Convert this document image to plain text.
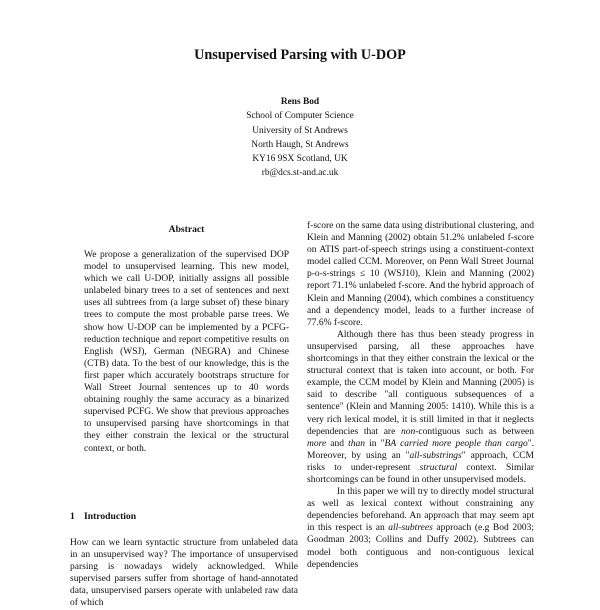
Unsupervised Parsing with U-DOP
Rens Bod
School of Computer Science
University of St Andrews
North Haugh, St Andrews
KY16 9SX Scotland, UK
rb@dcs.st-and.ac.uk
Abstract

We propose a generalization of the supervised DOP model to unsupervised learning. This new model, which we call U-DOP, initially assigns all possible unlabeled binary trees to a set of sentences and next uses all subtrees from (a large subset of) these binary trees to compute the most probable parse trees. We show how U-DOP can be implemented by a PCFG-reduction technique and report competitive results on English (WSJ), German (NEGRA) and Chinese (CTB) data. To the best of our knowledge, this is the first paper which accurately bootstraps structure for Wall Street Journal sentences up to 40 words obtaining roughly the same accuracy as a binarized supervised PCFG. We show that previous approaches to unsupervised parsing have shortcomings in that they either constrain the lexical or the structural context, or both.

1 Introduction

How can we learn syntactic structure from unlabeled data in an unsupervised way? The importance of unsupervised parsing is nowadays widely acknowledged. While supervised parsers suffer from shortage of hand-annotated data, unsupervised parsers operate with unlabeled raw data of which

f-score on the same data using distributional clustering, and Klein and Manning (2002) obtain 51.2% unlabeled f-score on ATIS part-of-speech strings using a constituent-context model called CCM. Moreover, on Penn Wall Street Journal p-o-s-strings ≤ 10 (WSJ10), Klein and Manning (2002) report 71.1% unlabeled f-score. And the hybrid approach of Klein and Manning (2004), which combines a constituency and a dependency model, leads to a further increase of 77.6% f-score.

Although there has thus been steady progress in unsupervised parsing, all these approaches have shortcomings in that they either constrain the lexical or the structural context that is taken into account, or both. For example, the CCM model by Klein and Manning (2005) is said to describe "all contiguous subsequences of a sentence" (Klein and Manning 2005: 1410). While this is a very rich lexical model, it is still limited in that it neglects dependencies that are non-contiguous such as between more and than in "BA carried more people than cargo". Moreover, by using an "all-substrings" approach, CCM risks to under-represent structural context. Similar shortcomings can be found in other unsupervised models.

In this paper we will try to directly model structural as well as lexical context without constraining any dependencies beforehand. An approach that may seem apt in this respect is an all-subtrees approach (e.g Bod 2003; Goodman 2003; Collins and Duffy 2002). Subtrees can model both contiguous and non-contiguous lexical dependencies
